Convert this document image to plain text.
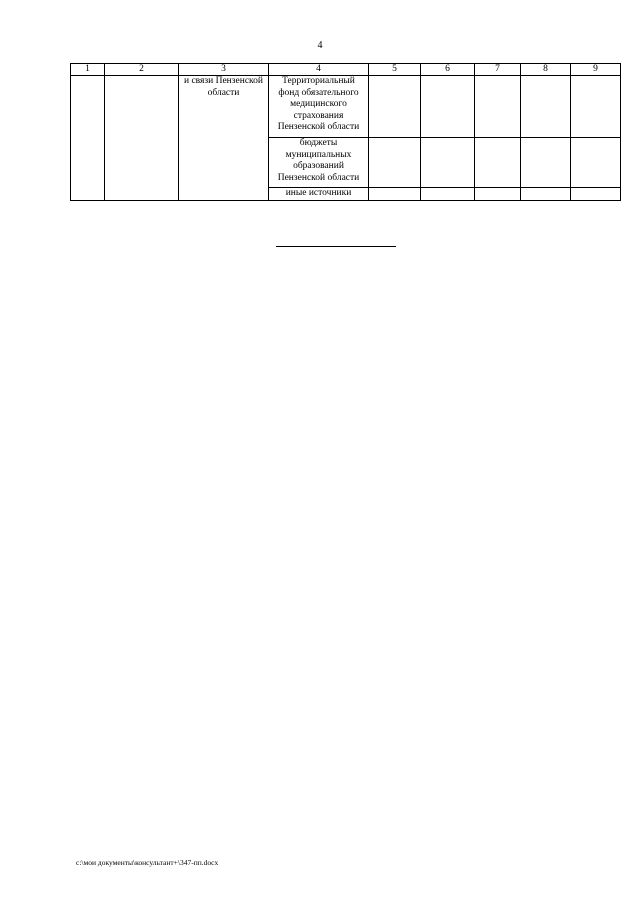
4
1	2	3	4	5	6	7	8	9
		и связи Пензенской области	Территориальный фонд обязательного медицинского страхования Пензенской области					
			бюджеты муниципальных образований Пензенской области					
			иные источники					
c:\мои документы\консультант+\347-пп.docx
